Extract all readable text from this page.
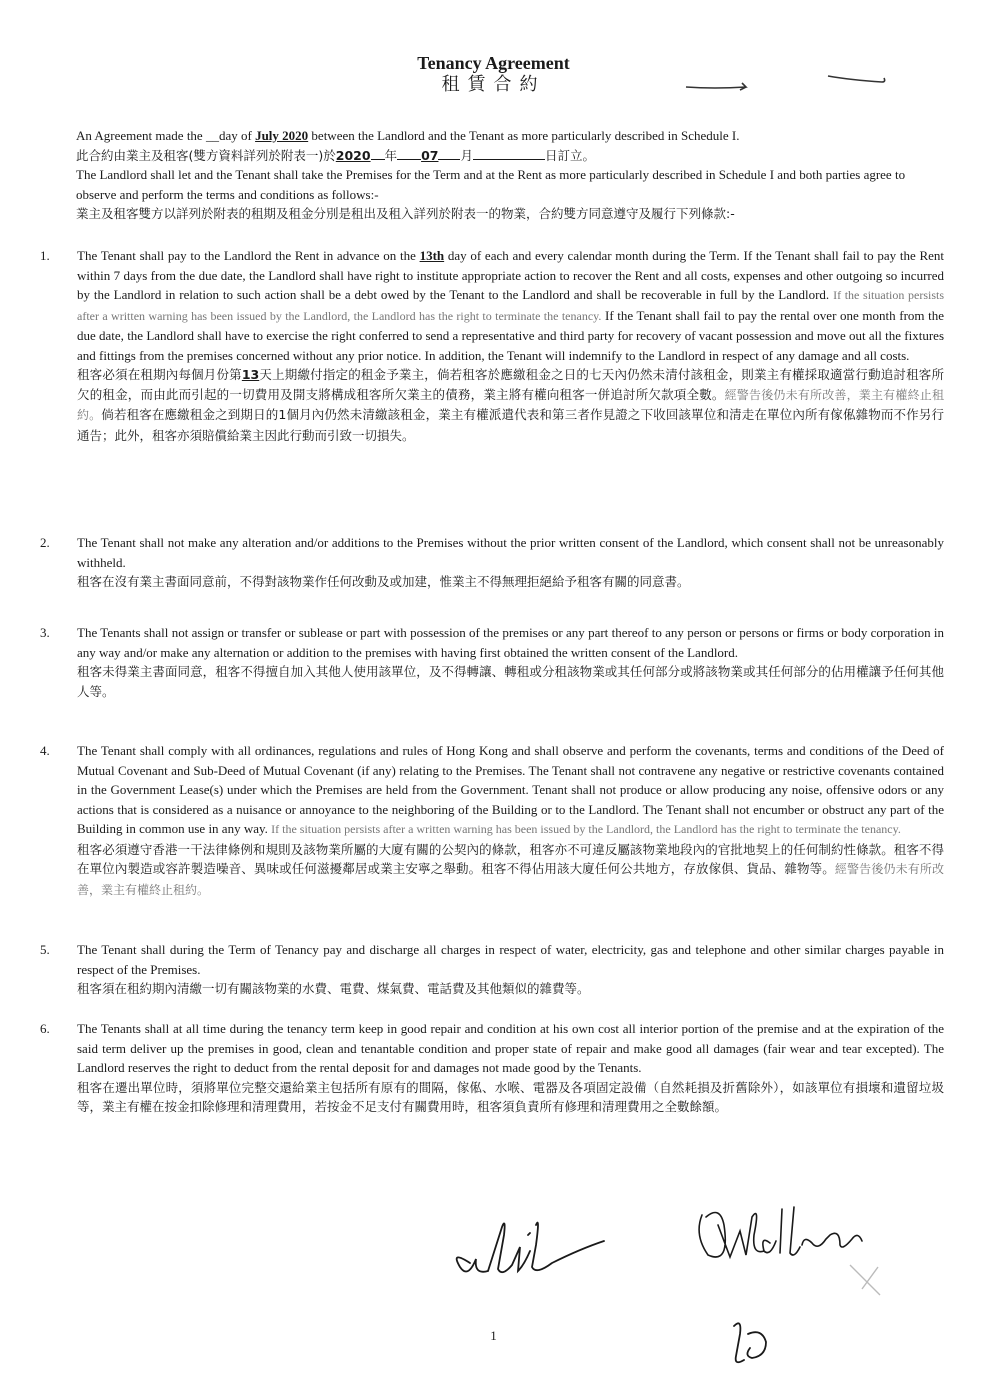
Tenancy Agreement
租賃合約

An Agreement made the __day of July 2020 between the Landlord and the Tenant as more particularly described in Schedule I.

此合約由業主及租客(雙方資料詳列於附表一)於2020 年 07 月	日訂立。

The Landlord shall let and the Tenant shall take the Premises for the Term and at the Rent as more particularly described in Schedule I and both parties agree to observe and perform the terms and conditions as follows:-

業主及租客雙方以詳列於附表的租期及租金分別是租出及租入詳列於附表一的物業，合約雙方同意遵守及履行下列條款:-

1.	The Tenant shall pay to the Landlord the Rent in advance on the 13th day of each and every calendar month during the Term. If the Tenant shall fail to pay the Rent within 7 days from the due date, the Landlord shall have right to institute appropriate action to recover the Rent and all costs, expenses and other outgoing so incurred by the Landlord in relation to such action shall be a debt owed by the Tenant to the Landlord and shall be recoverable in full by the Landlord. If the situation persists after a written warning has been issued by the Landlord, the Landlord has the right to terminate the tenancy. If the Tenant shall fail to pay the rental over one month from the due date, the Landlord shall have to exercise the right conferred to send a representative and third party for recovery of vacant possession and move out all the fixtures and fittings from the premises concerned without any prior notice. In addition, the Tenant will indemnify to the Landlord in respect of any damage and all costs.

租客必須在租期內每個月份第13天上期繳付指定的租金予業主，倘若租客於應繳租金之日的七天內仍然未清付該租金，則業主有權採取適當行動追討租客所欠的租金，而由此而引起的一切費用及開支將構成租客所欠業主的債務，業主將有權向租客一併追討所欠款項全數。經警告後仍未有所改善，業主有權終止租約。倘若租客在應繳租金之到期日的1個月內仍然未清繳該租金，業主有權派遣代表和第三者作見證之下收回該單位和清走在單位內所有傢俬雜物而不作另行通告；此外，租客亦須賠償給業主因此行動而引致一切損失。

2.	The Tenant shall not make any alteration and/or additions to the Premises without the prior written consent of the Landlord, which consent shall not be unreasonably withheld.

租客在沒有業主書面同意前，不得對該物業作任何改動及或加建，惟業主不得無理拒絕給予租客有關的同意書。

3.	The Tenants shall not assign or transfer or sublease or part with possession of the premises or any part thereof to any person or persons or firms or body corporation in any way and/or make any alternation or addition to the premises with having first obtained the written consent of the Landlord.

租客未得業主書面同意，租客不得擅自加入其他人使用該單位，及不得轉讓、轉租或分租該物業或其任何部分或將該物業或其任何部分的佔用權讓予任何其他人等。

4.	The Tenant shall comply with all ordinances, regulations and rules of Hong Kong and shall observe and perform the covenants, terms and conditions of the Deed of Mutual Covenant and Sub-Deed of Mutual Covenant (if any) relating to the Premises. The Tenant shall not contravene any negative or restrictive covenants contained in the Government Lease(s) under which the Premises are held from the Government. Tenant shall not produce or allow producing any noise, offensive odors or any actions that is considered as a nuisance or annoyance to the neighboring of the Building or to the Landlord. The Tenant shall not encumber or obstruct any part of the Building in common use in any way. If the situation persists after a written warning has been issued by the Landlord, the Landlord has the right to terminate the tenancy.

租客必須遵守香港一干法律條例和規則及該物業所屬的大廈有關的公契內的條款，租客亦不可違反屬該物業地段內的官批地契上的任何制約性條款。租客不得在單位內製造或容許製造噪音、異味或任何滋擾鄰居或業主安寧之舉動。租客不得佔用該大廈任何公共地方，存放傢俱、貨品、雜物等。經警告後仍未有所改善，業主有權終止租約。

5.	The Tenant shall during the Term of Tenancy pay and discharge all charges in respect of water, electricity, gas and telephone and other similar charges payable in respect of the Premises.

租客須在租約期內清繳一切有關該物業的水費、電費、煤氣費、電話費及其他類似的雜費等。

6.	The Tenants shall at all time during the tenancy term keep in good repair and condition at his own cost all interior portion of the premise and at the expiration of the said term deliver up the premises in good, clean and tenantable condition and proper state of repair and make good all damages (fair wear and tear excepted). The Landlord reserves the right to deduct from the rental deposit for and damages not made good by the Tenants.

租客在遷出單位時，須將單位完整交還給業主包括所有原有的間隔，傢俬、水喉、電器及各項固定設備（自然耗損及折舊除外），如該單位有損壞和遺留垃圾等，業主有權在按金扣除修理和清理費用，若按金不足支付有關費用時，租客須負責所有修理和清理費用之全數餘額。

1
